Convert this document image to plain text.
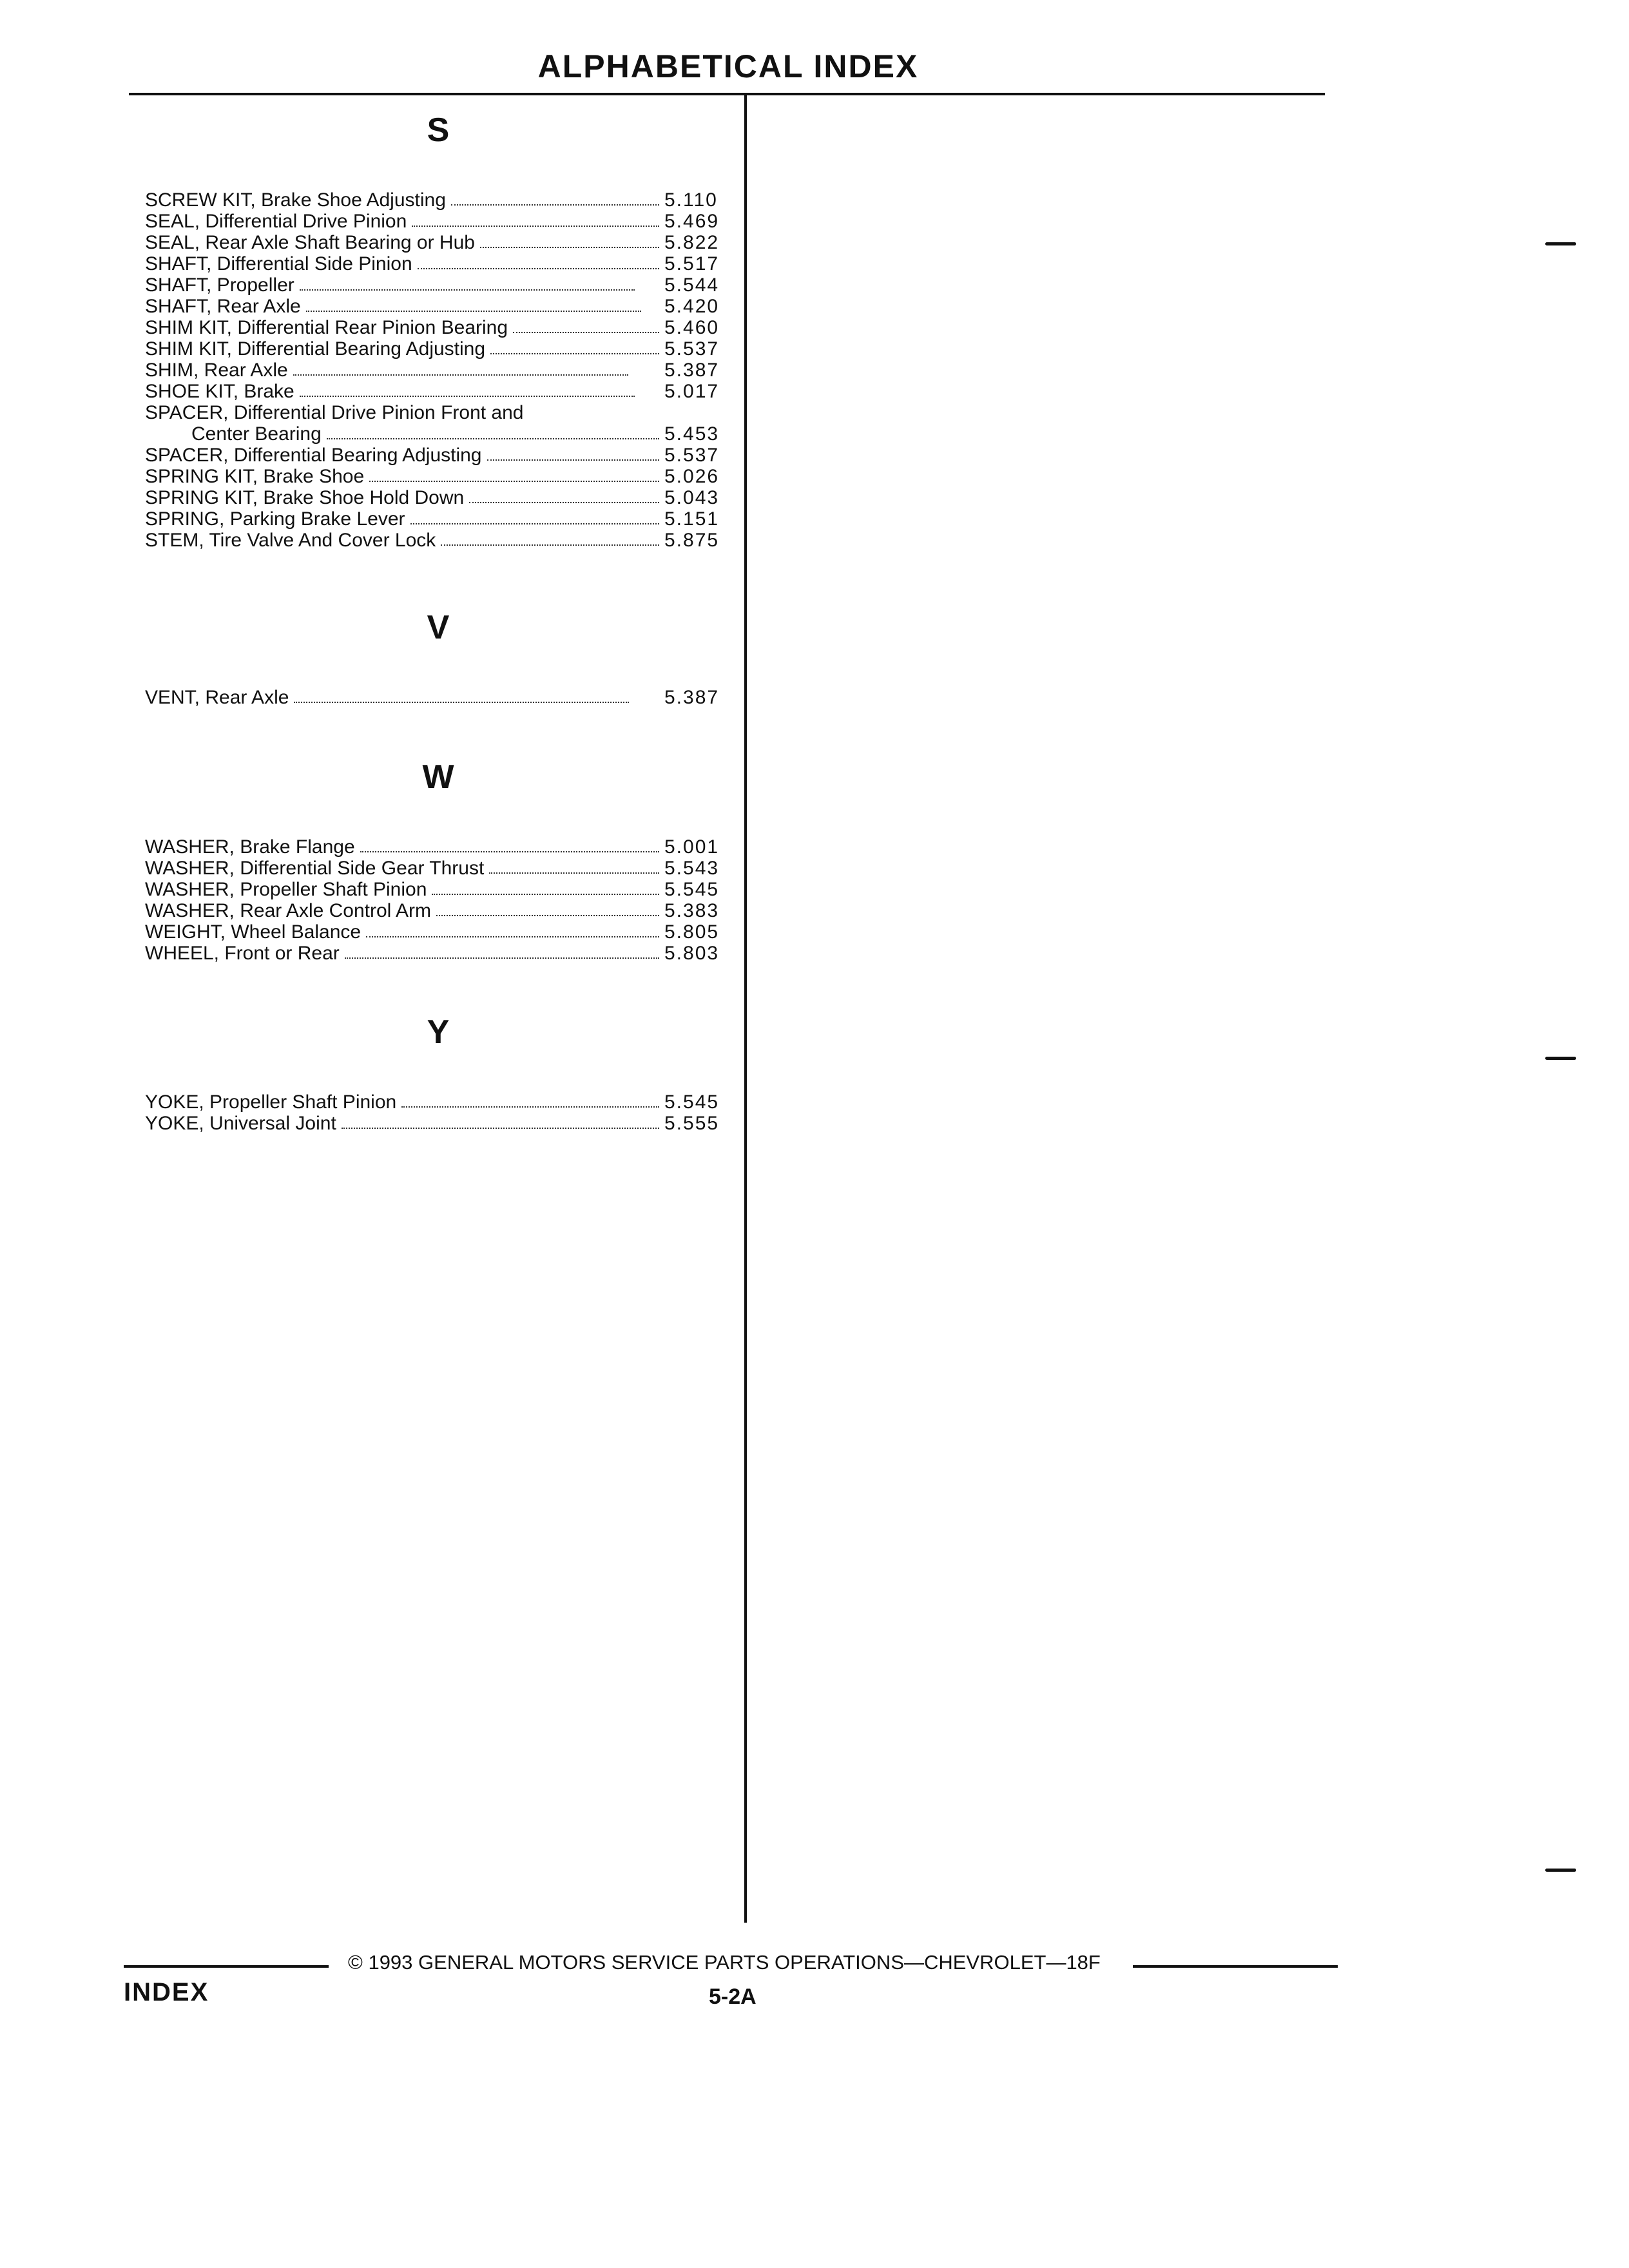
ALPHABETICAL INDEX
S
SCREW KIT, Brake Shoe Adjusting	5.110
SEAL, Differential Drive Pinion	5.469
SEAL, Rear Axle Shaft Bearing or Hub	5.822
SHAFT, Differential Side Pinion	5.517
SHAFT, Propeller	5.544
SHAFT, Rear Axle	5.420
SHIM KIT, Differential Rear Pinion Bearing	5.460
SHIM KIT, Differential Bearing Adjusting	5.537
SHIM, Rear Axle	5.387
SHOE KIT, Brake	5.017
SPACER, Differential Drive Pinion Front and
Center Bearing	5.453
SPACER, Differential Bearing Adjusting	5.537
SPRING KIT, Brake Shoe	5.026
SPRING KIT, Brake Shoe Hold Down	5.043
SPRING, Parking Brake Lever	5.151
STEM, Tire Valve And Cover Lock	5.875
V
VENT, Rear Axle	5.387
W
WASHER, Brake Flange	5.001
WASHER, Differential Side Gear Thrust	5.543
WASHER, Propeller Shaft Pinion	5.545
WASHER, Rear Axle Control Arm	5.383
WEIGHT, Wheel Balance	5.805
WHEEL, Front or Rear	5.803
Y
YOKE, Propeller Shaft Pinion	5.545
YOKE, Universal Joint	5.555
© 1993 GENERAL MOTORS SERVICE PARTS OPERATIONS—CHEVROLET—18F
INDEX	5-2A
